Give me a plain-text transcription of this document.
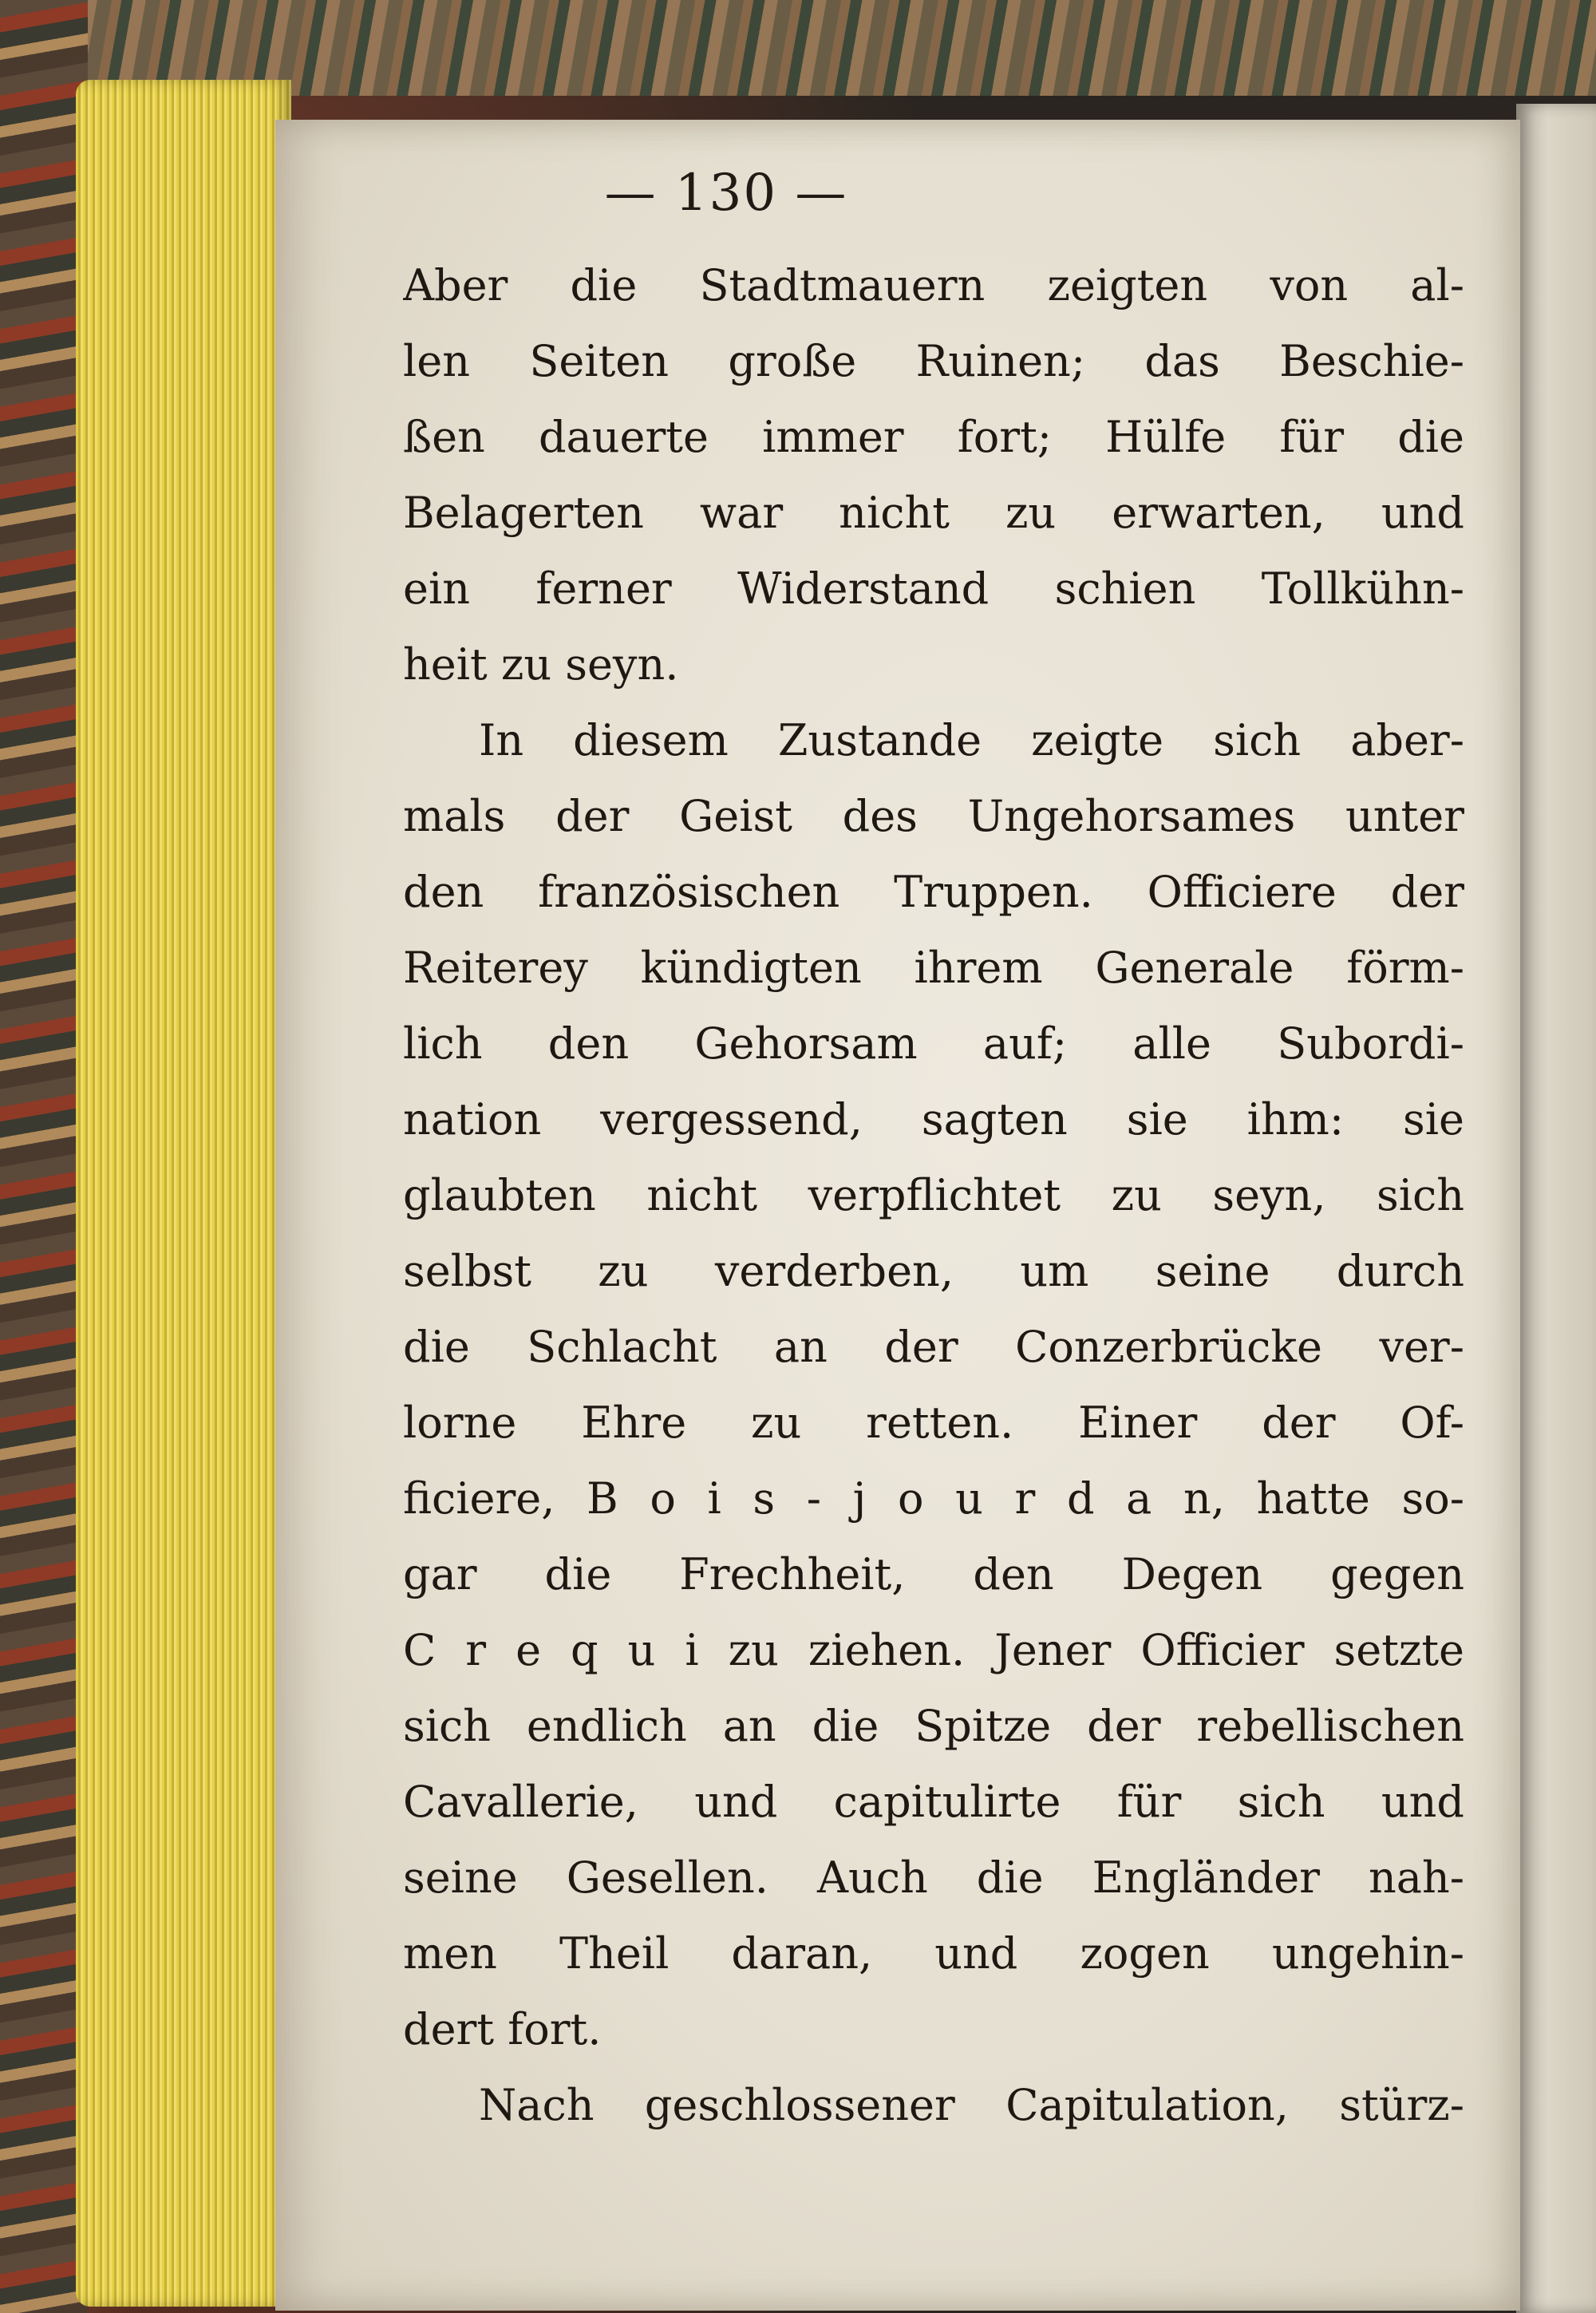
— 130 —
Aber die Stadtmauern zeigten von al-
len Seiten große Ruinen; das Beschie-
ßen dauerte immer fort; Hülfe für die
Belagerten war nicht zu erwarten, und
ein ferner Widerstand schien Tollkühn-
heit zu seyn.
In diesem Zustande zeigte sich aber-
mals der Geist des Ungehorsames unter
den französischen Truppen. Officiere der
Reiterey kündigten ihrem Generale förm-
lich den Gehorsam auf; alle Subordi-
nation vergessend, sagten sie ihm: sie
glaubten nicht verpflichtet zu seyn, sich
selbst zu verderben, um seine durch
die Schlacht an der Conzerbrücke ver-
lorne Ehre zu retten. Einer der Of-
ficiere, B o i s - j o u r d a n, hatte so-
gar die Frechheit, den Degen gegen
C r e q u i zu ziehen. Jener Officier setzte
sich endlich an die Spitze der rebellischen
Cavallerie, und capitulirte für sich und
seine Gesellen. Auch die Engländer nah-
men Theil daran, und zogen ungehin-
dert fort.
Nach geschlossener Capitulation, stürz-
